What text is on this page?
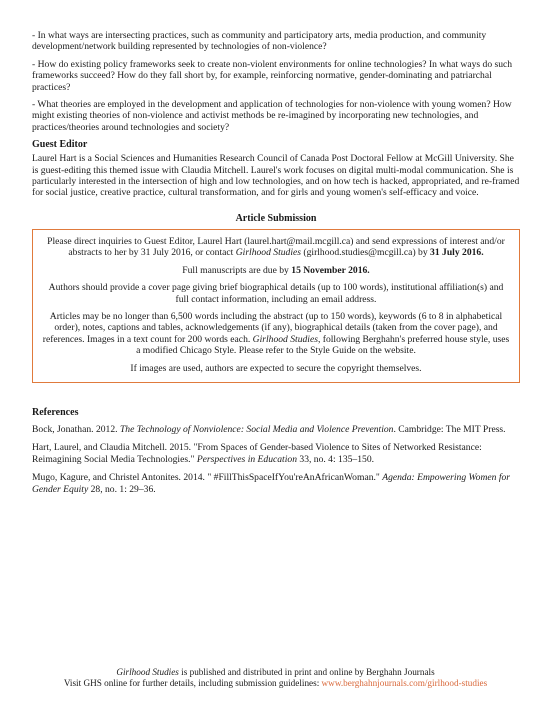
- In what ways are intersecting practices, such as community and participatory arts, media production, and community development/network building represented by technologies of non-violence?

- How do existing policy frameworks seek to create non-violent environments for online technologies? In what ways do such frameworks succeed? How do they fall short by, for example, reinforcing normative, gender-dominating and patriarchal practices?

- What theories are employed in the development and application of technologies for non-violence with young women? How might existing theories of non-violence and activist methods be re-imagined by incorporating new technologies, and practices/theories around technologies and society?

Guest Editor

Laurel Hart is a Social Sciences and Humanities Research Council of Canada Post Doctoral Fellow at McGill University. She is guest-editing this themed issue with Claudia Mitchell. Laurel's work focuses on digital multi-modal communication. She is particularly interested in the intersection of high and low technologies, and on how tech is hacked, appropriated, and re-framed for social justice, creative practice, cultural transformation, and for girls and young women's self-efficacy and voice.

Article Submission

Please direct inquiries to Guest Editor, Laurel Hart (laurel.hart@mail.mcgill.ca) and send expressions of interest and/or abstracts to her by 31 July 2016, or contact Girlhood Studies (girlhood.studies@mcgill.ca) by 31 July 2016.

Full manuscripts are due by 15 November 2016.

Authors should provide a cover page giving brief biographical details (up to 100 words), institutional affiliation(s) and full contact information, including an email address.

Articles may be no longer than 6,500 words including the abstract (up to 150 words), keywords (6 to 8 in alphabetical order), notes, captions and tables, acknowledgements (if any), biographical details (taken from the cover page), and references. Images in a text count for 200 words each. Girlhood Studies, following Berghahn's preferred house style, uses a modified Chicago Style. Please refer to the Style Guide on the website.

If images are used, authors are expected to secure the copyright themselves.

References

Bock, Jonathan. 2012. The Technology of Nonviolence: Social Media and Violence Prevention. Cambridge: The MIT Press.

Hart, Laurel, and Claudia Mitchell. 2015. "From Spaces of Gender-based Violence to Sites of Networked Resistance: Reimagining Social Media Technologies." Perspectives in Education 33, no. 4: 135–150.

Mugo, Kagure, and Christel Antonites. 2014. " #FillThisSpaceIfYou'reAnAfricanWoman." Agenda: Empowering Women for Gender Equity 28, no. 1: 29–36.

Girlhood Studies is published and distributed in print and online by Berghahn Journals
Visit GHS online for further details, including submission guidelines: www.berghahnjournals.com/girlhood-studies
